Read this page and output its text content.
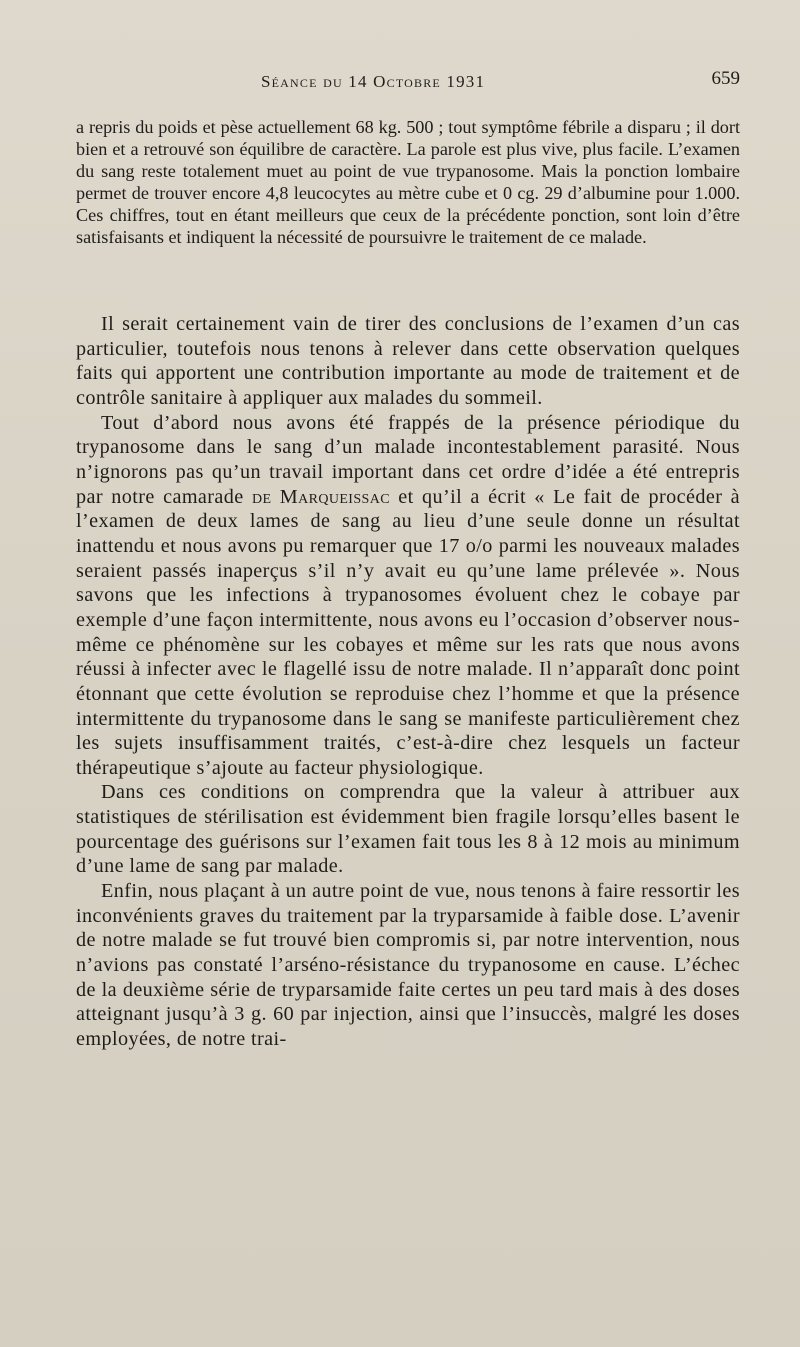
Séance du 14 Octobre 1931	659

a repris du poids et pèse actuellement 68 kg. 500 ; tout symptôme fébrile a disparu ; il dort bien et a retrouvé son équilibre de caractère. La parole est plus vive, plus facile. L’examen du sang reste totalement muet au point de vue trypanosome. Mais la ponction lombaire permet de trouver encore 4,8 leucocytes au mètre cube et 0 cg. 29 d’albumine pour 1.000. Ces chiffres, tout en étant meilleurs que ceux de la précédente ponction, sont loin d’être satisfaisants et indiquent la nécessité de poursuivre le traitement de ce malade.

Il serait certainement vain de tirer des conclusions de l’examen d’un cas particulier, toutefois nous tenons à relever dans cette observation quelques faits qui apportent une contribution importante au mode de traitement et de contrôle sanitaire à appliquer aux malades du sommeil.

Tout d’abord nous avons été frappés de la présence périodique du trypanosome dans le sang d’un malade incontestablement parasité. Nous n’ignorons pas qu’un travail important dans cet ordre d’idée a été entrepris par notre camarade de Marqueissac et qu’il a écrit « Le fait de procéder à l’examen de deux lames de sang au lieu d’une seule donne un résultat inattendu et nous avons pu remarquer que 17 o/o parmi les nouveaux malades seraient passés inaperçus s’il n’y avait eu qu’une lame prélevée ». Nous savons que les infections à trypanosomes évoluent chez le cobaye par exemple d’une façon intermittente, nous avons eu l’occasion d’observer nous-même ce phénomène sur les cobayes et même sur les rats que nous avons réussi à infecter avec le flagellé issu de notre malade. Il n’apparaît donc point étonnant que cette évolution se reproduise chez l’homme et que la présence intermittente du trypanosome dans le sang se manifeste particulièrement chez les sujets insuffisamment traités, c’est-à-dire chez lesquels un facteur thérapeutique s’ajoute au facteur physiologique.

Dans ces conditions on comprendra que la valeur à attribuer aux statistiques de stérilisation est évidemment bien fragile lorsqu’elles basent le pourcentage des guérisons sur l’examen fait tous les 8 à 12 mois au minimum d’une lame de sang par malade.

Enfin, nous plaçant à un autre point de vue, nous tenons à faire ressortir les inconvénients graves du traitement par la tryparsamide à faible dose. L’avenir de notre malade se fut trouvé bien compromis si, par notre intervention, nous n’avions pas constaté l’arséno-résistance du trypanosome en cause. L’échec de la deuxième série de tryparsamide faite certes un peu tard mais à des doses atteignant jusqu’à 3 g. 60 par injection, ainsi que l’insuccès, malgré les doses employées, de notre trai-
